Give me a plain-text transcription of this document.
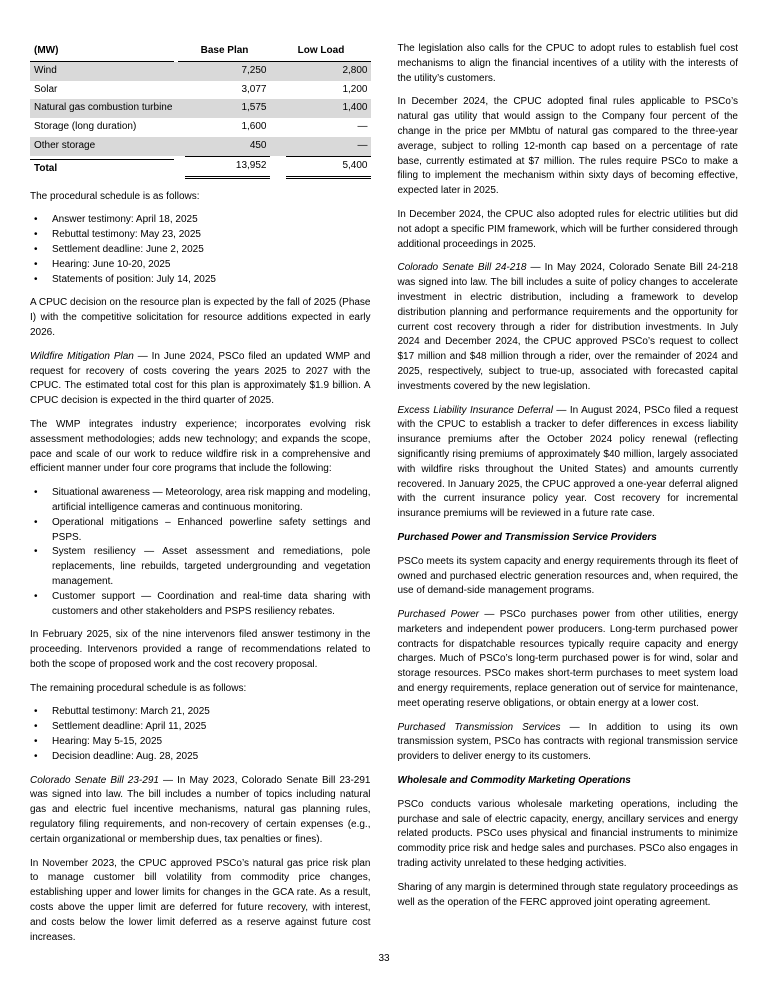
(MW)	Base Plan	Low Load

Wind	7,250	2,800

Solar	3,077	1,200

Natural gas combustion turbine	1,575	1,400

Storage (long duration)	1,600	—

Other storage	450	—

Total	13,952	5,400

The procedural schedule is as follows:

• Answer testimony: April 18, 2025
• Rebuttal testimony: May 23, 2025
• Settlement deadline: June 2, 2025
• Hearing: June 10-20, 2025
• Statements of position: July 14, 2025

A CPUC decision on the resource plan is expected by the fall of 2025 (Phase I) with the competitive solicitation for resource additions expected in early 2026.

Wildfire Mitigation Plan — In June 2024, PSCo filed an updated WMP and request for recovery of costs covering the years 2025 to 2027 with the CPUC. The estimated total cost for this plan is approximately $1.9 billion. A CPUC decision is expected in the third quarter of 2025.

The WMP integrates industry experience; incorporates evolving risk assessment methodologies; adds new technology; and expands the scope, pace and scale of our work to reduce wildfire risk in a comprehensive and efficient manner under four core programs that include the following:

• Situational awareness — Meteorology, area risk mapping and modeling, artificial intelligence cameras and continuous monitoring.
• Operational mitigations – Enhanced powerline safety settings and PSPS.
• System resiliency — Asset assessment and remediations, pole replacements, line rebuilds, targeted undergrounding and vegetation management.
• Customer support — Coordination and real-time data sharing with customers and other stakeholders and PSPS resiliency rebates.

In February 2025, six of the nine intervenors filed answer testimony in the proceeding. Intervenors provided a range of recommendations related to both the scope of proposed work and the cost recovery proposal.

The remaining procedural schedule is as follows:

• Rebuttal testimony: March 21, 2025
• Settlement deadline: April 11, 2025
• Hearing: May 5-15, 2025
• Decision deadline: Aug. 28, 2025

Colorado Senate Bill 23-291 — In May 2023, Colorado Senate Bill 23-291 was signed into law. The bill includes a number of topics including natural gas and electric fuel incentive mechanisms, natural gas planning rules, regulatory filing requirements, and non-recovery of certain expenses (e.g., certain organizational or membership dues, tax penalties or fines).

In November 2023, the CPUC approved PSCo’s natural gas price risk plan to manage customer bill volatility from commodity price changes, establishing upper and lower limits for changes in the GCA rate. As a result, costs above the upper limit are deferred for future recovery, with interest, and costs below the lower limit deferred as a reserve against future cost increases.

The legislation also calls for the CPUC to adopt rules to establish fuel cost mechanisms to align the financial incentives of a utility with the interests of the utility’s customers.

In December 2024, the CPUC adopted final rules applicable to PSCo’s natural gas utility that would assign to the Company four percent of the change in the price per MMbtu of natural gas compared to the three-year average, subject to rolling 12-month cap based on a percentage of rate base, currently estimated at $7 million. The rules require PSCo to make a filing to implement the mechanism within sixty days of becoming effective, expected later in 2025.

In December 2024, the CPUC also adopted rules for electric utilities but did not adopt a specific PIM framework, which will be further considered through additional proceedings in 2025.

Colorado Senate Bill 24-218 — In May 2024, Colorado Senate Bill 24-218 was signed into law. The bill includes a suite of policy changes to accelerate investment in electric distribution, including a framework to develop distribution planning and performance requirements and the opportunity for current cost recovery through a rider for distribution investments. In July 2024 and December 2024, the CPUC approved PSCo’s request to collect $17 million and $48 million through a rider, over the remainder of 2024 and 2025, respectively, subject to true-up, associated with forecasted capital investments covered by the new legislation.

Excess Liability Insurance Deferral — In August 2024, PSCo filed a request with the CPUC to establish a tracker to defer differences in excess liability insurance premiums after the October 2024 policy renewal (reflecting significantly rising premiums of approximately $40 million, largely associated with wildfire risks throughout the United States) and amounts currently recovered. In January 2025, the CPUC approved a one-year deferral aligned with the current insurance policy year. Cost recovery for incremental insurance premiums will be reviewed in a future rate case.

Purchased Power and Transmission Service Providers

PSCo meets its system capacity and energy requirements through its fleet of owned and purchased electric generation resources and, when required, the use of demand-side management programs.

Purchased Power — PSCo purchases power from other utilities, energy marketers and independent power producers. Long-term purchased power contracts for dispatchable resources typically require capacity and energy charges. Much of PSCo’s long-term purchased power is for wind, solar and storage resources. PSCo makes short-term purchases to meet system load and energy requirements, replace generation out of service for maintenance, meet operating reserve obligations, or obtain energy at a lower cost.

Purchased Transmission Services — In addition to using its own transmission system, PSCo has contracts with regional transmission service providers to deliver energy to its customers.

Wholesale and Commodity Marketing Operations

PSCo conducts various wholesale marketing operations, including the purchase and sale of electric capacity, energy, ancillary services and energy related products. PSCo uses physical and financial instruments to minimize commodity price risk and hedge sales and purchases. PSCo also engages in trading activity unrelated to these hedging activities.

Sharing of any margin is determined through state regulatory proceedings as well as the operation of the FERC approved joint operating agreement.

33
